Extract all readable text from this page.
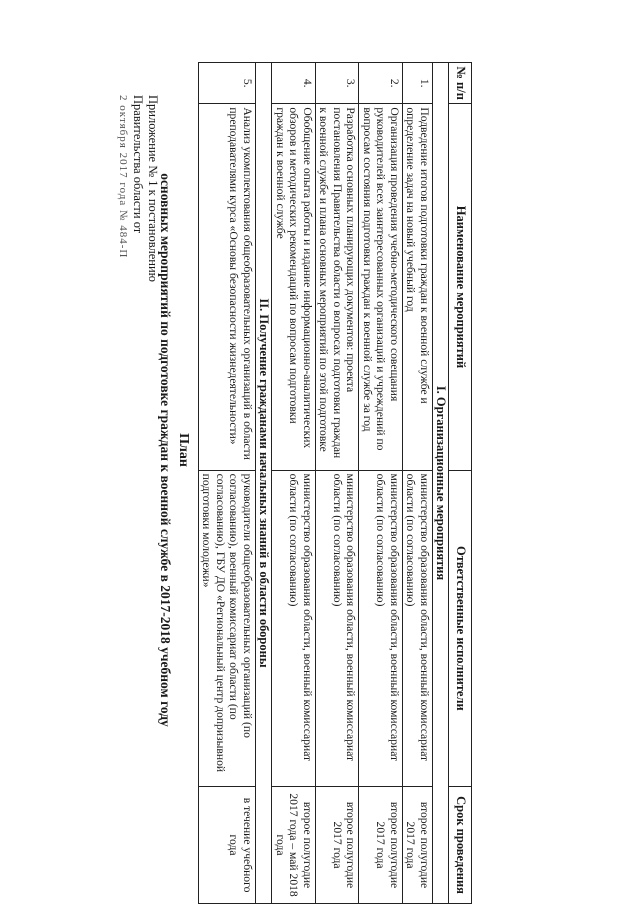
Приложение № 1 к постановлению
Правительства области от
2 октября 2017 года № 484-П
План
основных мероприятий по подготовке граждан к военной службе в 2017-2018 учебном году
№ п/п	Наименование мероприятий	Ответственные исполнители	Срок проведения
I. Организационные мероприятия			
1.	Подведение итогов подготовки граждан к военной службе и определение задач на новый учебный год	министерство образования области, военный комиссариат области (по согласованию)	второе полугодие 2017 года
2.	Организация проведения учебно-методического совещания руководителей всех заинтересованных организаций и учреждений по вопросам состояния подготовки граждан к военной службе за год	министерство образования области, военный комиссариат области (по согласованию)	второе полугодие 2017 года
3.	Разработка основных планирующих документов: проекта постановления Правительства области о вопросах подготовки граждан к военной службе и плана основных мероприятий по этой подготовке	министерство образования области, военный комиссариат области (по согласованию)	второе полугодие 2017 года
4.	Обобщение опыта работы и издание информационно-аналитических обзоров и методических рекомендаций по вопросам подготовки граждан к военной службе	министерство образования области, военный комиссариат области (по согласованию)	второе полугодие 2017 года – май 2018 года
II. Получение гражданами начальных знаний в области обороны			
5.	Анализ укомплектования общеобразовательных организаций в области преподавателями курса «Основы безопасности жизнедеятельности»	руководители общеобразовательных организаций (по согласованию), военный комиссариат области (по согласованию), ГБУ ДО «Региональный центр допризывной подготовки молодежи»	в течение учебного года
